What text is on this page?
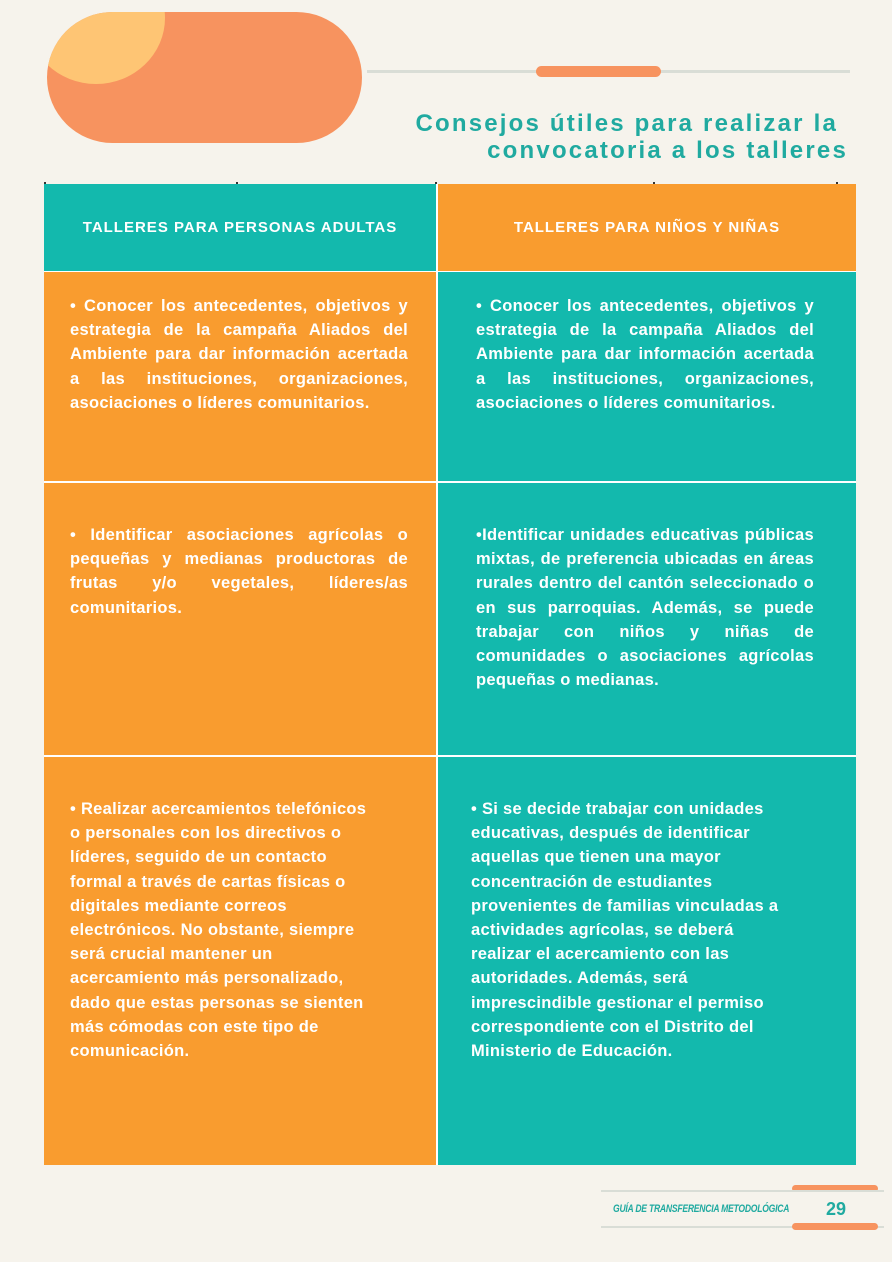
Consejos útiles para realizar la
convocatoria a los talleres
TALLERES PARA PERSONAS ADULTAS	TALLERES PARA NIÑOS Y NIÑAS
• Conocer los antecedentes, objetivos y estrategia de la campaña Aliados del Ambiente para dar información acertada a las instituciones, organizaciones, asociaciones o líderes comunitarios.
• Conocer los antecedentes, objetivos y estrategia de la campaña Aliados del Ambiente para dar información acertada a las instituciones, organizaciones, asociaciones o líderes comunitarios.
• Identificar asociaciones agrícolas o pequeñas y medianas productoras de frutas y/o vegetales, líderes/as comunitarios.
•Identificar unidades educativas públicas mixtas, de preferencia ubicadas en áreas rurales dentro del cantón seleccionado o en sus parroquias. Además, se puede trabajar con niños y niñas de comunidades o asociaciones agrícolas pequeñas o medianas.
• Realizar acercamientos telefónicos
o personales con los directivos o
líderes, seguido de un contacto
formal a través de cartas físicas o
digitales mediante correos
electrónicos. No obstante, siempre
será crucial mantener un
acercamiento más personalizado,
dado que estas personas se sienten
más cómodas con este tipo de
comunicación.
• Si se decide trabajar con unidades
educativas, después de identificar
aquellas que tienen una mayor
concentración de estudiantes
provenientes de familias vinculadas a
actividades agrícolas, se deberá
realizar el acercamiento con las
autoridades. Además, será
imprescindible gestionar el permiso
correspondiente con el Distrito del
Ministerio de Educación.
GUÍA DE TRANSFERENCIA METODOLÓGICA 29
